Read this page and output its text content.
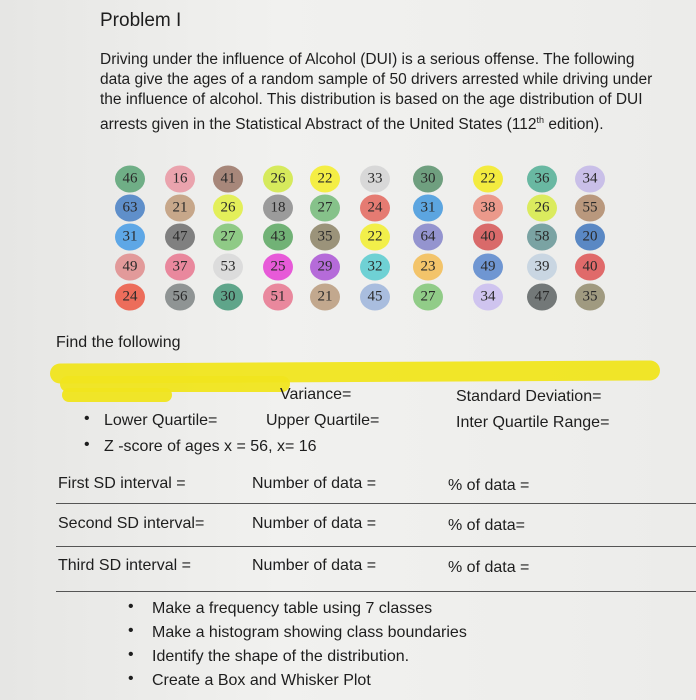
Problem I
Driving under the influence of Alcohol (DUI) is a serious offense. The following data give the ages of a random sample of 50 drivers arrested while driving under the influence of alcohol. This distribution is based on the age distribution of DUI arrests given in the Statistical Abstract of the United States (112th edition).
46	16	41	26	22	33	30	22	36	34
63	21	26	18	27	24	31	38	26	55
31	47	27	43	35	22	64	40	58	20
49	37	53	25	29	32	23	49	39	40
24	56	30	51	21	45	27	34	47	35
Find the following
Variance=	Standard Deviation=
• Lower Quartile=	Upper Quartile=	Inter Quartile Range=
• Z -score of ages x = 56, x= 16
First SD interval =	Number of data =	% of data =
Second SD interval=	Number of data =	% of data=
Third SD interval =	Number of data =	% of data =
• Make a frequency table using 7 classes
• Make a histogram showing class boundaries
• Identify the shape of the distribution.
• Create a Box and Whisker Plot
